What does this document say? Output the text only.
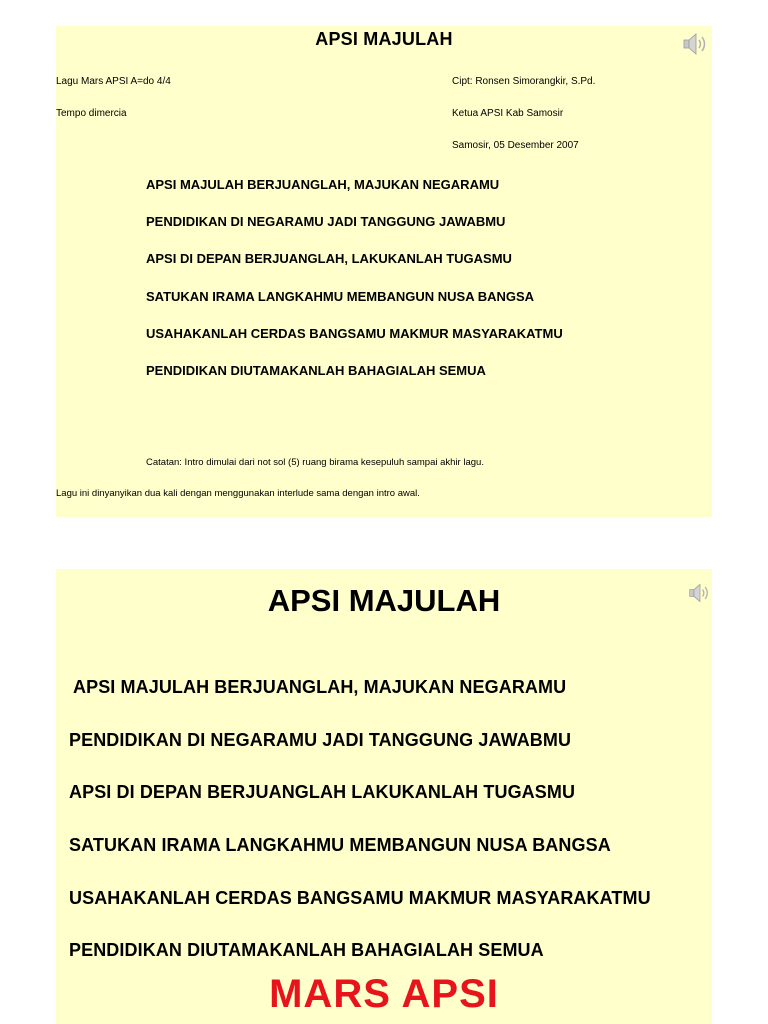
APSI MAJULAH
Lagu Mars APSI A=do 4/4
Tempo dimercia
Cipt: Ronsen Simorangkir, S.Pd.
Ketua APSI Kab Samosir
Samosir, 05 Desember 2007
APSI MAJULAH BERJUANGLAH, MAJUKAN NEGARAMU
PENDIDIKAN DI NEGARAMU JADI TANGGUNG JAWABMU
APSI DI DEPAN BERJUANGLAH, LAKUKANLAH TUGASMU
SATUKAN IRAMA LANGKAHMU MEMBANGUN NUSA BANGSA
USAHAKANLAH CERDAS BANGSAMU MAKMUR MASYARAKATMU
PENDIDIKAN DIUTAMAKANLAH BAHAGIALAH SEMUA
Catatan: Intro dimulai dari not sol (5) ruang birama kesepuluh sampai akhir lagu.
Lagu ini dinyanyikan dua kali dengan menggunakan interlude sama dengan intro awal.
APSI MAJULAH
APSI MAJULAH BERJUANGLAH, MAJUKAN NEGARAMU
PENDIDIKAN DI NEGARAMU JADI TANGGUNG JAWABMU
APSI DI DEPAN BERJUANGLAH LAKUKANLAH TUGASMU
SATUKAN IRAMA LANGKAHMU MEMBANGUN NUSA BANGSA
USAHAKANLAH CERDAS BANGSAMU MAKMUR MASYARAKATMU
PENDIDIKAN DIUTAMAKANLAH BAHAGIALAH SEMUA
MARS APSI
